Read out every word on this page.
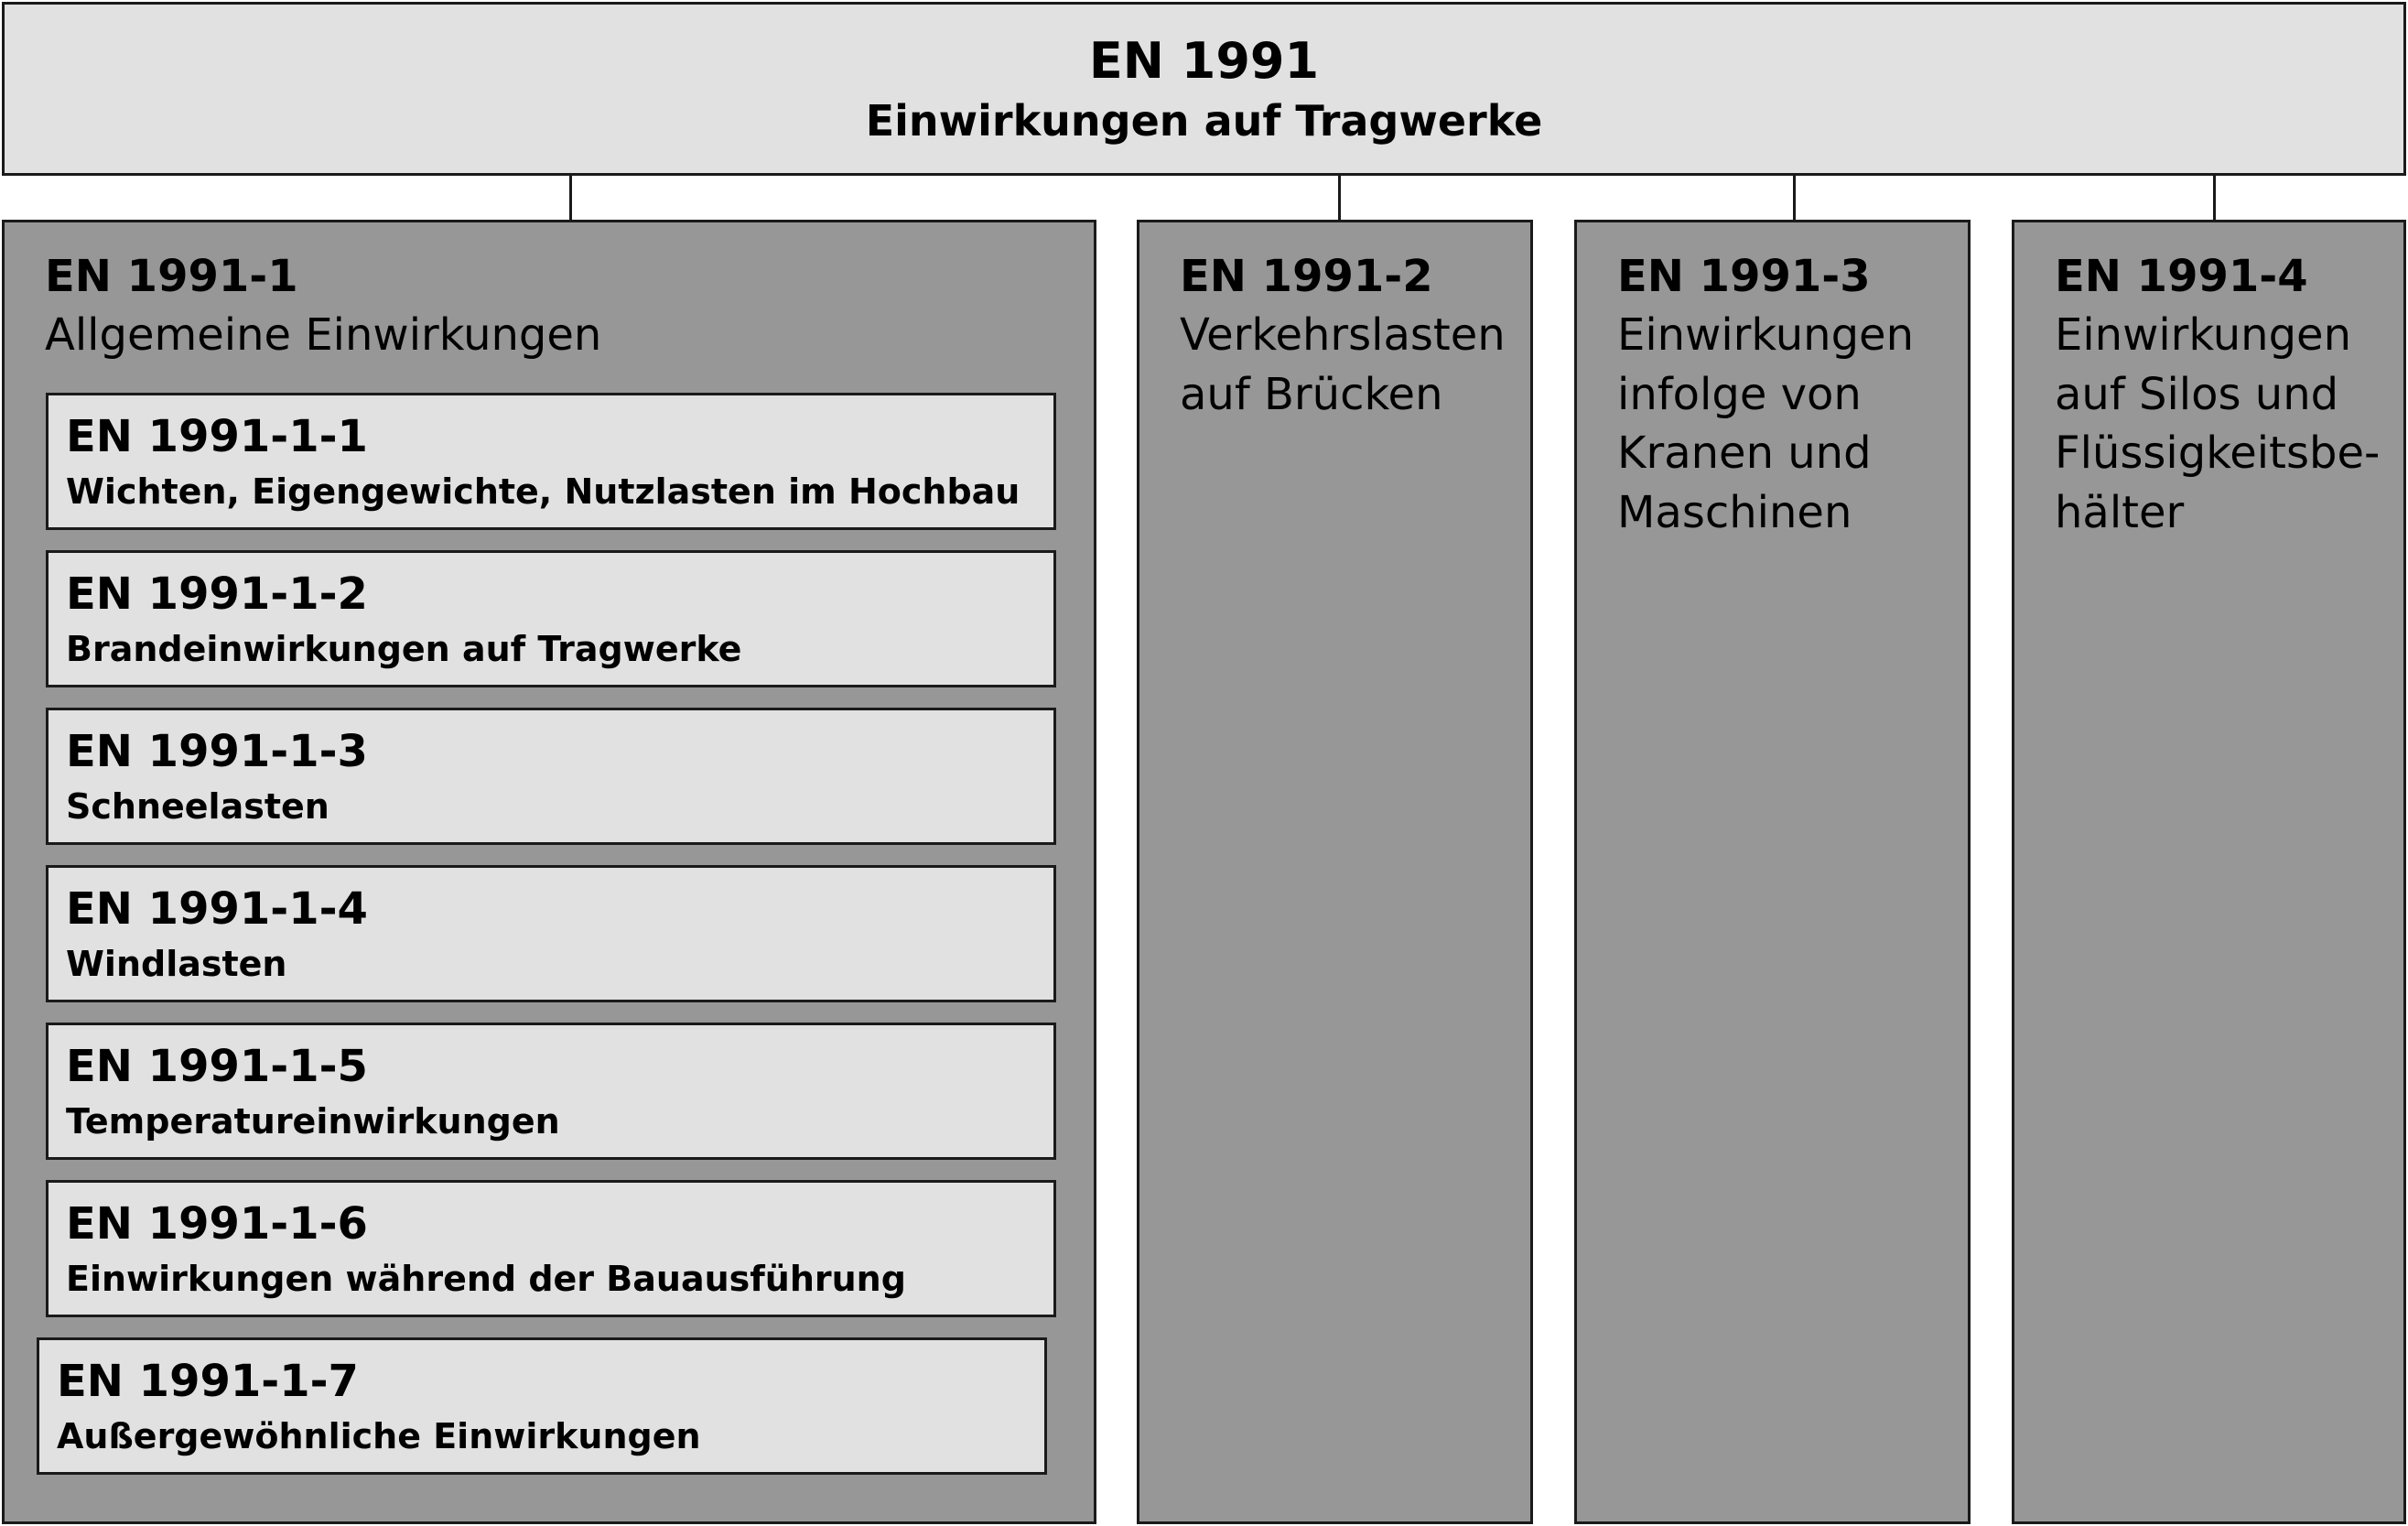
EN 1991
Einwirkungen auf Tragwerke
EN 1991-1
Allgemeine Einwirkungen
EN 1991-1-1
Wichten, Eigengewichte, Nutzlasten im Hochbau
EN 1991-1-2
Brandeinwirkungen auf Tragwerke
EN 1991-1-3
Schneelasten
EN 1991-1-4
Windlasten
EN 1991-1-5
Temperatureinwirkungen
EN 1991-1-6
Einwirkungen während der Bauausführung
EN 1991-1-7
Außergewöhnliche Einwirkungen
EN 1991-2
Verkehrslasten
auf Brücken
EN 1991-3
Einwirkungen
infolge von
Kranen und
Maschinen
EN 1991-4
Einwirkungen
auf Silos und
Flüssigkeitsbe-
hälter
